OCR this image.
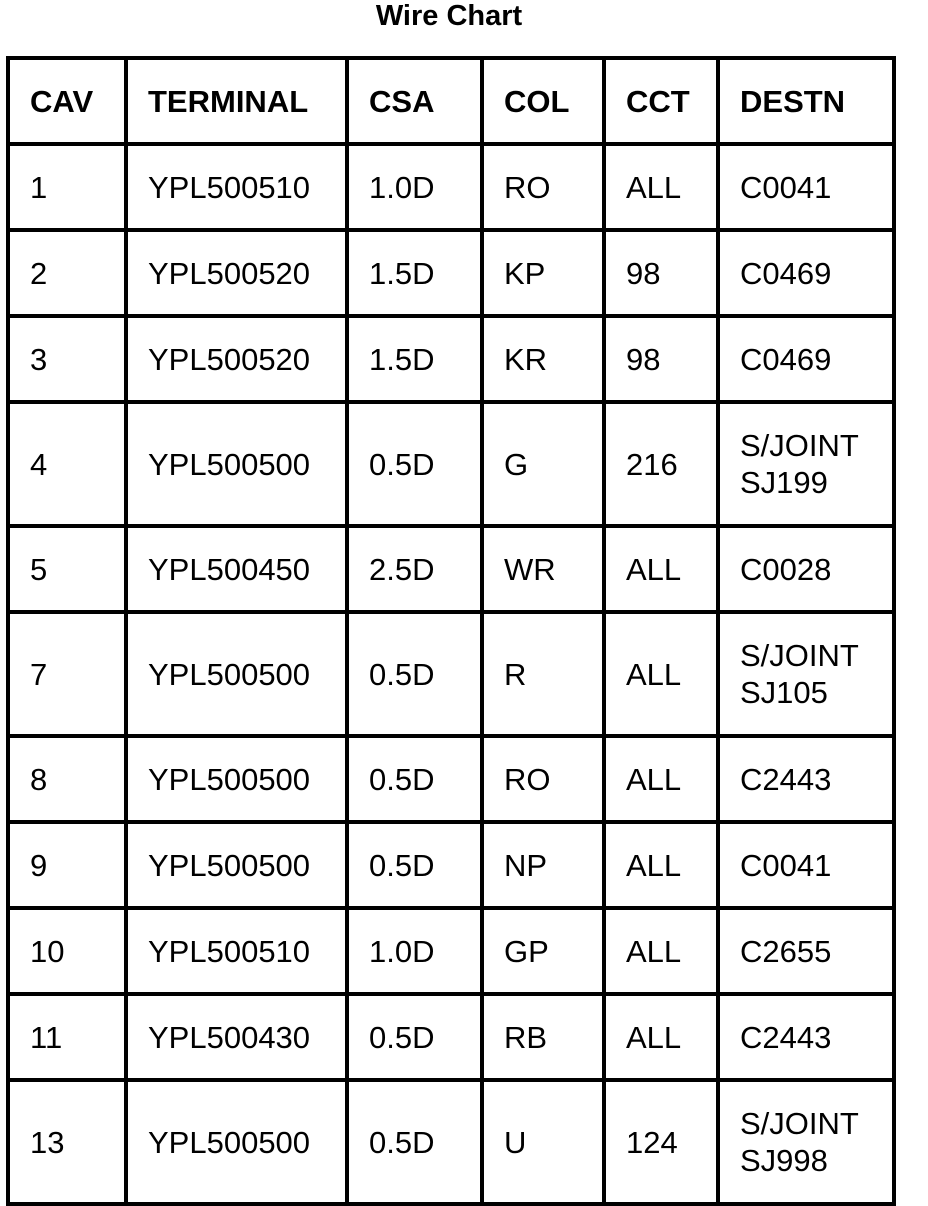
Wire Chart
CAV	TERMINAL	CSA	COL	CCT	DESTN
1	YPL500510	1.0D	RO	ALL	C0041

2	YPL500520	1.5D	KP	98	C0469

3	YPL500520	1.5D	KR	98	C0469

4	YPL500500	0.5D	G	216	S/JOINT
SJ199

5	YPL500450	2.5D	WR	ALL	C0028

7	YPL500500	0.5D	R	ALL	S/JOINT
SJ105

8	YPL500500	0.5D	RO	ALL	C2443

9	YPL500500	0.5D	NP	ALL	C0041

10	YPL500510	1.0D	GP	ALL	C2655

11	YPL500430	0.5D	RB	ALL	C2443

13	YPL500500	0.5D	U	124	S/JOINT
SJ998
